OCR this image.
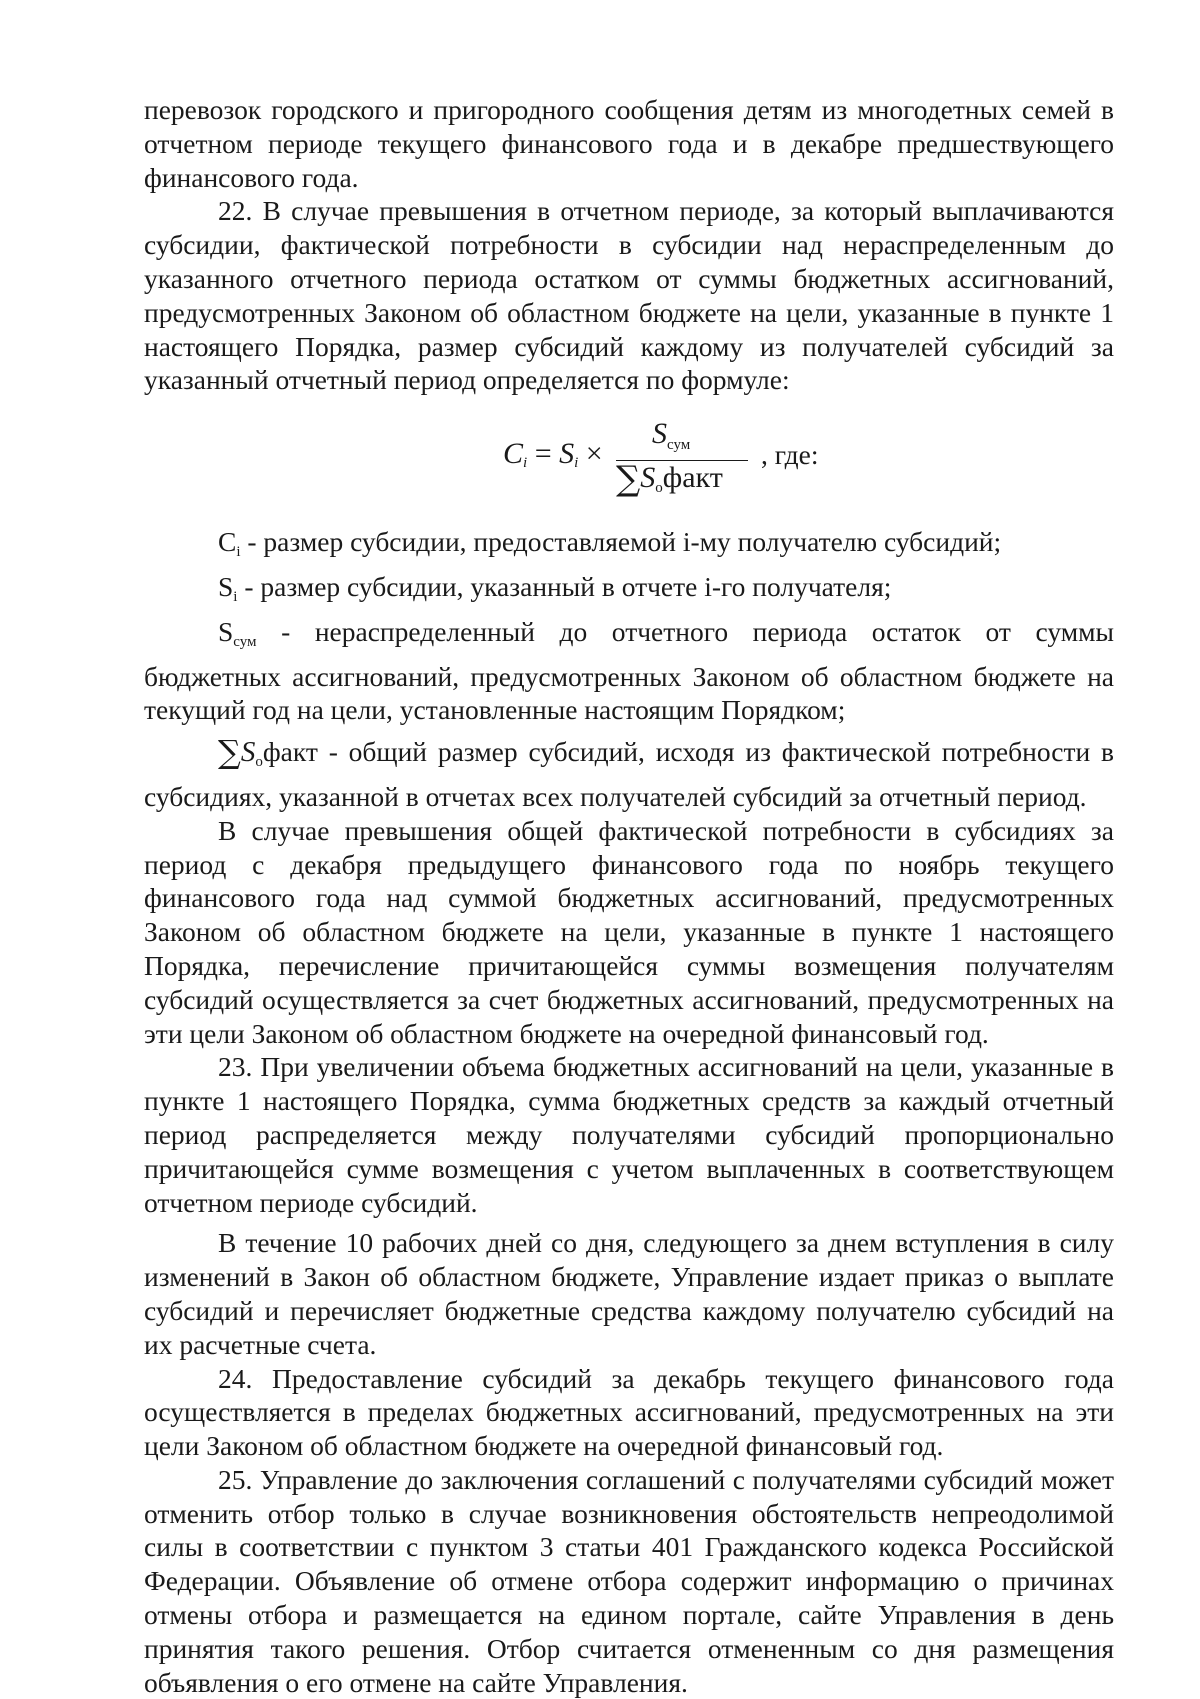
перевозок городского и пригородного сообщения детям из многодетных семей в отчетном периоде текущего финансового года и в декабре предшествующего финансового года.

22. В случае превышения в отчетном периоде, за который выплачиваются субсидии, фактической потребности в субсидии над нераспределенным до указанного отчетного периода остатком от суммы бюджетных ассигнований, предусмотренных Законом об областном бюджете на цели, указанные в пункте 1 настоящего Порядка, размер субсидий каждому из получателей субсидий за указанный отчетный период определяется по формуле:

$C_i = S_i$ ×
$S_{сум}$
∑Soфакт
, где:

$C_i$ - размер субсидии, предоставляемой i-му получателю субсидий;

$S_i$ - размер субсидии, указанный в отчете i-го получателя;

$S_{сум}$ - нераспределенный до отчетного периода остаток от суммы бюджетных ассигнований, предусмотренных Законом об областном бюджете на текущий год на цели, установленные настоящим Порядком;

∑Soфакт - общий размер субсидий, исходя из фактической потребности в субсидиях, указанной в отчетах всех получателей субсидий за отчетный период.

В случае превышения общей фактической потребности в субсидиях за период с декабря предыдущего финансового года по ноябрь текущего финансового года над суммой бюджетных ассигнований, предусмотренных Законом об областном бюджете на цели, указанные в пункте 1 настоящего Порядка, перечисление причитающейся суммы возмещения получателям субсидий осуществляется за счет бюджетных ассигнований, предусмотренных на эти цели Законом об областном бюджете на очередной финансовый год.

23. При увеличении объема бюджетных ассигнований на цели, указанные в пункте 1 настоящего Порядка, сумма бюджетных средств за каждый отчетный период распределяется между получателями субсидий пропорционально причитающейся сумме возмещения с учетом выплаченных в соответствующем отчетном периоде субсидий.

В течение 10 рабочих дней со дня, следующего за днем вступления в силу изменений в Закон об областном бюджете, Управление издает приказ о выплате субсидий и перечисляет бюджетные средства каждому получателю субсидий на их расчетные счета.

24. Предоставление субсидий за декабрь текущего финансового года осуществляется в пределах бюджетных ассигнований, предусмотренных на эти цели Законом об областном бюджете на очередной финансовый год.

25. Управление до заключения соглашений с получателями субсидий может отменить отбор только в случае возникновения обстоятельств непреодолимой силы в соответствии с пунктом 3 статьи 401 Гражданского кодекса Российской Федерации. Объявление об отмене отбора содержит информацию о причинах отмены отбора и размещается на едином портале, сайте Управления в день принятия такого решения. Отбор считается отмененным со дня размещения объявления о его отмене на сайте Управления.
